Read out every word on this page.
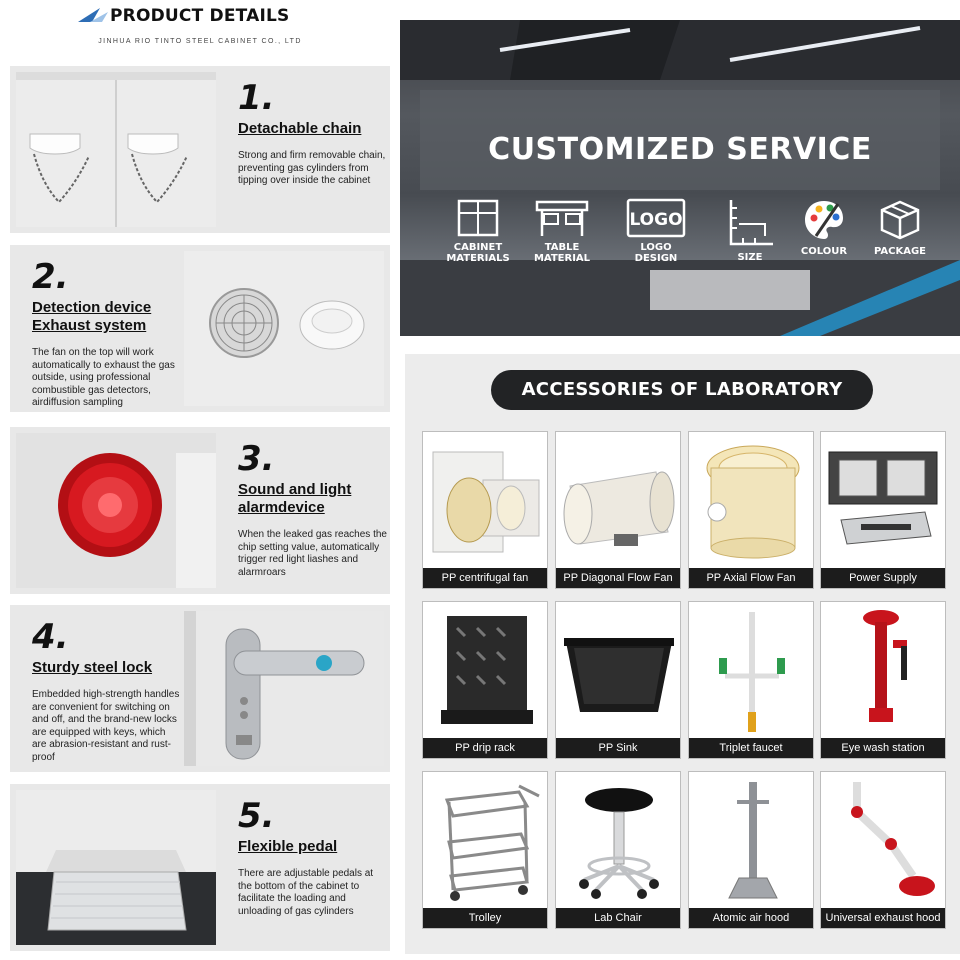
PRODUCT DETAILS
JINHUA RIO TINTO STEEL CABINET CO., LTD
1.
Detachable chain
Strong and firm removable chain, preventing gas cylinders from tipping over inside the cabinet
2.
Detection device
Exhaust system
The fan on the top will work automatically to exhaust the gas outside, using professional combustible gas detectors, airdiffusion sampling
3.
Sound and light
alarmdevice
When the leaked gas reaches the chip setting value, automatically trigger red light liashes and alarmroars
4.
Sturdy steel lock
Embedded high-strength handles are convenient for switching on and off, and the brand-new locks are equipped with keys, which are abrasion-resistant and rust-proof
5.
Flexible pedal
There are adjustable pedals at the bottom of the cabinet to facilitate the loading and unloading of gas cylinders
CUSTOMIZED SERVICE
CABINET
MATERIALS
TABLE
MATERIAL
LOGO
LOGO DESIGN	SIZE
COLOUR	PACKAGE
ACCESSORIES OF LABORATORY
PP centrifugal fan	PP Diagonal Flow Fan	PP Axial Flow Fan	Power Supply
PP drip rack	PP Sink	Triplet faucet	Eye wash station
Trolley	Lab Chair	Atomic air hood	Universal exhaust hood
